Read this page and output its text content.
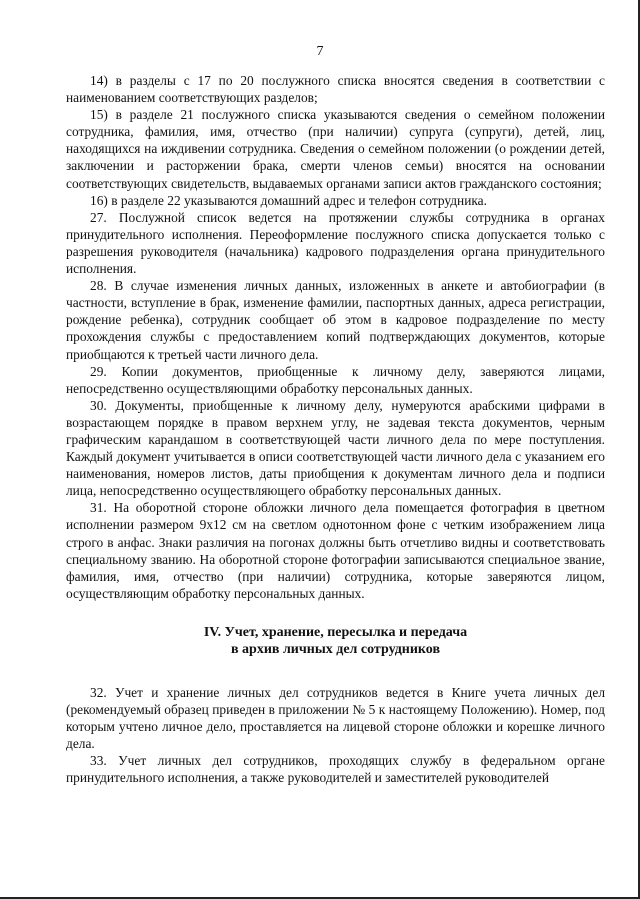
7

14) в разделы с 17 по 20 послужного списка вносятся сведения в соответствии с наименованием соответствующих разделов;

15) в разделе 21 послужного списка указываются сведения о семейном положении сотрудника, фамилия, имя, отчество (при наличии) супруга (супруги), детей, лиц, находящихся на иждивении сотрудника. Сведения о семейном положении (о рождении детей, заключении и расторжении брака, смерти членов семьи) вносятся на основании соответствующих свидетельств, выдаваемых органами записи актов гражданского состояния;

16) в разделе 22 указываются домашний адрес и телефон сотрудника.

27. Послужной список ведется на протяжении службы сотрудника в органах принудительного исполнения. Переоформление послужного списка допускается только с разрешения руководителя (начальника) кадрового подразделения органа принудительного исполнения.

28. В случае изменения личных данных, изложенных в анкете и автобиографии (в частности, вступление в брак, изменение фамилии, паспортных данных, адреса регистрации, рождение ребенка), сотрудник сообщает об этом в кадровое подразделение по месту прохождения службы с предоставлением копий подтверждающих документов, которые приобщаются к третьей части личного дела.

29. Копии документов, приобщенные к личному делу, заверяются лицами, непосредственно осуществляющими обработку персональных данных.

30. Документы, приобщенные к личному делу, нумеруются арабскими цифрами в возрастающем порядке в правом верхнем углу, не задевая текста документов, черным графическим карандашом в соответствующей части личного дела по мере поступления. Каждый документ учитывается в описи соответствующей части личного дела с указанием его наименования, номеров листов, даты приобщения к документам личного дела и подписи лица, непосредственно осуществляющего обработку персональных данных.

31. На оборотной стороне обложки личного дела помещается фотография в цветном исполнении размером 9х12 см на светлом однотонном фоне с четким изображением лица строго в анфас. Знаки различия на погонах должны быть отчетливо видны и соответствовать специальному званию. На оборотной стороне фотографии записываются специальное звание, фамилия, имя, отчество (при наличии) сотрудника, которые заверяются лицом, осуществляющим обработку персональных данных.

IV. Учет, хранение, пересылка и передача
в архив личных дел сотрудников

32. Учет и хранение личных дел сотрудников ведется в Книге учета личных дел (рекомендуемый образец приведен в приложении № 5 к настоящему Положению). Номер, под которым учтено личное дело, проставляется на лицевой стороне обложки и корешке личного дела.

33. Учет личных дел сотрудников, проходящих службу в федеральном органе принудительного исполнения, а также руководителей и заместителей руководителей
